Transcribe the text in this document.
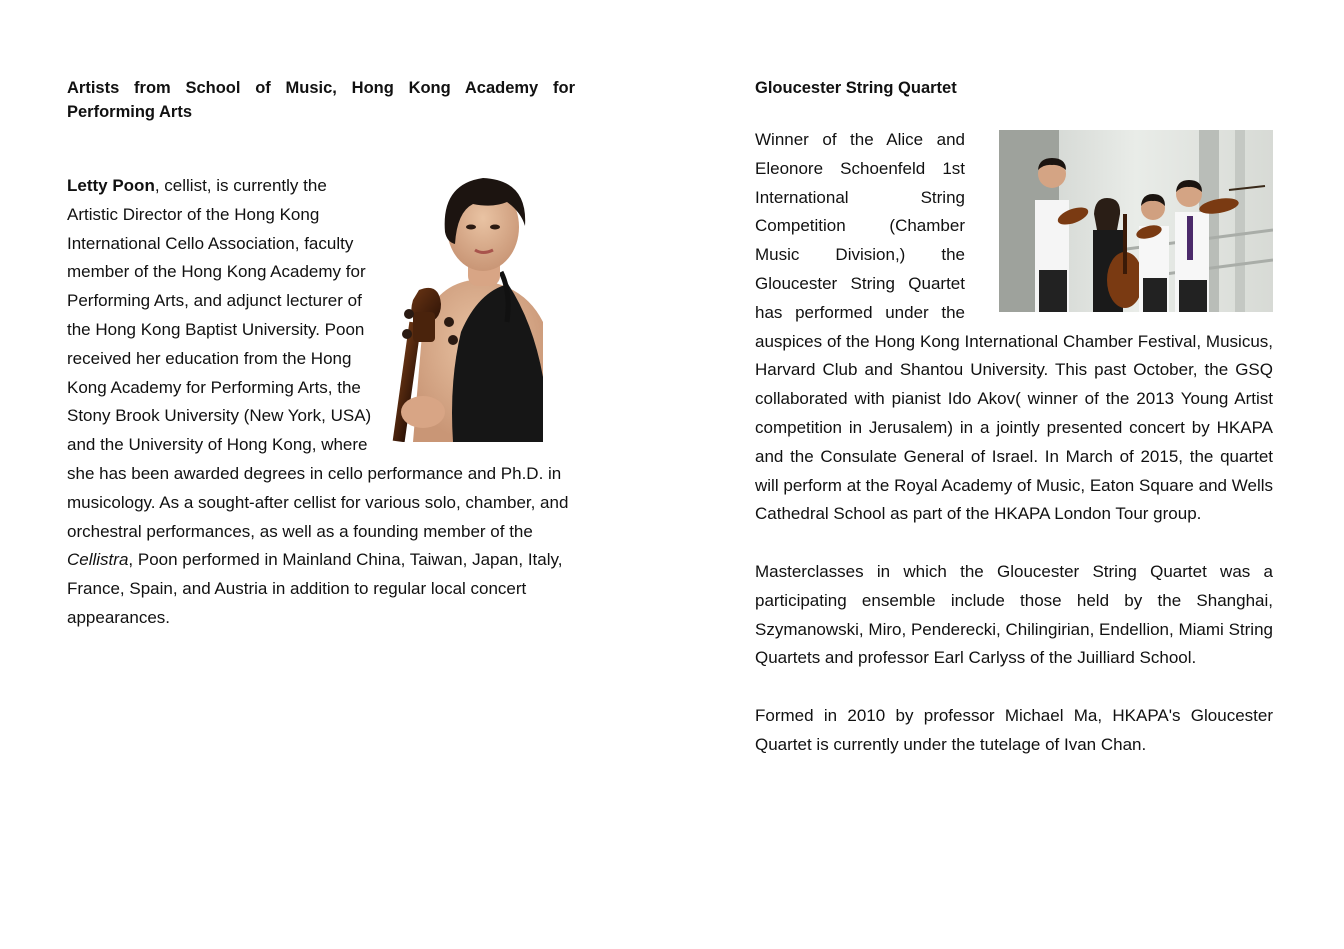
Artists from School of Music, Hong Kong Academy for Performing Arts

Letty Poon, cellist, is currently the Artistic Director of the Hong Kong International Cello Association, faculty member of the Hong Kong Academy for Performing Arts, and adjunct lecturer of the Hong Kong Baptist University. Poon received her education from the Hong Kong Academy for Performing Arts, the Stony Brook University (New York, USA) and the University of Hong Kong, where she has been awarded degrees in cello performance and Ph.D. in musicology. As a sought-after cellist for various solo, chamber, and orchestral performances, as well as a founding member of the Cellistra, Poon performed in Mainland China, Taiwan, Japan, Italy, France, Spain, and Austria in addition to regular local concert appearances.

Gloucester String Quartet

Winner of the Alice and Eleonore Schoenfeld 1st International String Competition (Chamber Music Division,) the Gloucester String Quartet has performed under the auspices of the Hong Kong International Chamber Festival, Musicus, Harvard Club and Shantou University. This past October, the GSQ collaborated with pianist Ido Akov( winner of the 2013 Young Artist competition in Jerusalem) in a jointly presented concert by HKAPA and the Consulate General of Israel. In March of 2015, the quartet will perform at the Royal Academy of Music, Eaton Square and Wells Cathedral School as part of the HKAPA London Tour group.

Masterclasses in which the Gloucester String Quartet was a participating ensemble include those held by the Shanghai, Szymanowski, Miro, Penderecki, Chilingirian, Endellion, Miami String Quartets and professor Earl Carlyss of the Juilliard School.

Formed in 2010 by professor Michael Ma, HKAPA's Gloucester Quartet is currently under the tutelage of Ivan Chan.
